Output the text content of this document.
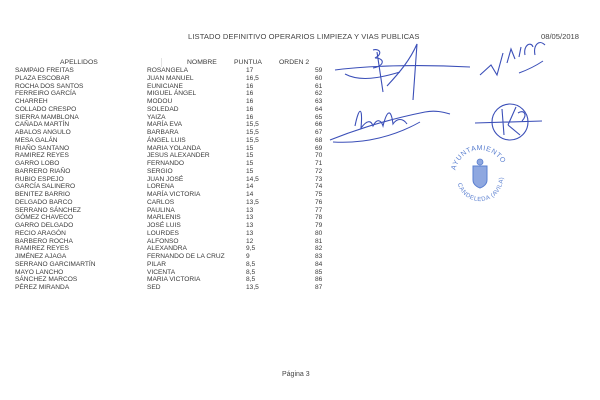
LISTADO DEFINITIVO OPERARIOS LIMPIEZA Y VIAS PUBLICAS	08/05/2018
APELLIDOS	NOMBRE	PUNTUA	ORDEN 2
SAMPAIO FREITAS	ROSANGELA	17	59
PLAZA ESCOBAR	JUAN MANUEL	16,5	60
ROCHA DOS SANTOS	EUNICIANE	16	61
FERREIRO GARCÍA	MIGUEL ÁNGEL	16	62
CHARREH	MODOU	16	63
COLLADO CRESPO	SOLEDAD	16	64
SIERRA MAMBLONA	YAIZA	16	65
CAÑADA MARTÍN	MARÍA EVA	15,5	66
ABALOS ANGULO	BARBARA	15,5	67
MESA GALÁN	ÁNGEL LUIS	15,5	68
RIAÑO SANTANO	MARIA YOLANDA	15	69
RAMIREZ REYES	JESUS ALEXANDER	15	70
GARRO LOBO	FERNANDO	15	71
BARRERO RIAÑO	SERGIO	15	72
RUBIO ESPEJO	JUAN JOSÉ	14,5	73
GARCÍA SALINERO	LORENA	14	74
BENITEZ BARRIO	MARÍA VICTORIA	14	75
DELGADO BARCO	CARLOS	13,5	76
SERRANO SÁNCHEZ	PAULINA	13	77
GÓMEZ CHAVECO	MARLENIS	13	78
GARRO DELGADO	JOSÉ LUIS	13	79
RECIO ARAGÓN	LOURDES	13	80
BARBERO ROCHA	ALFONSO	12	81
RAMIREZ REYES	ALEXANDRA	9,5	82
JIMÉNEZ AJAGA	FERNANDO DE LA CRUZ	9	83
SERRANO GARCIMARTÍN	PILAR	8,5	84
MAYO LANCHO	VICENTA	8,5	85
SÁNCHEZ MARCOS	MARIA VICTORIA	8,5	86
PÉREZ MIRANDA	SED	13,5	87
AYUNTAMIENTO
CANDELEDA (AVILA)
Página 3
